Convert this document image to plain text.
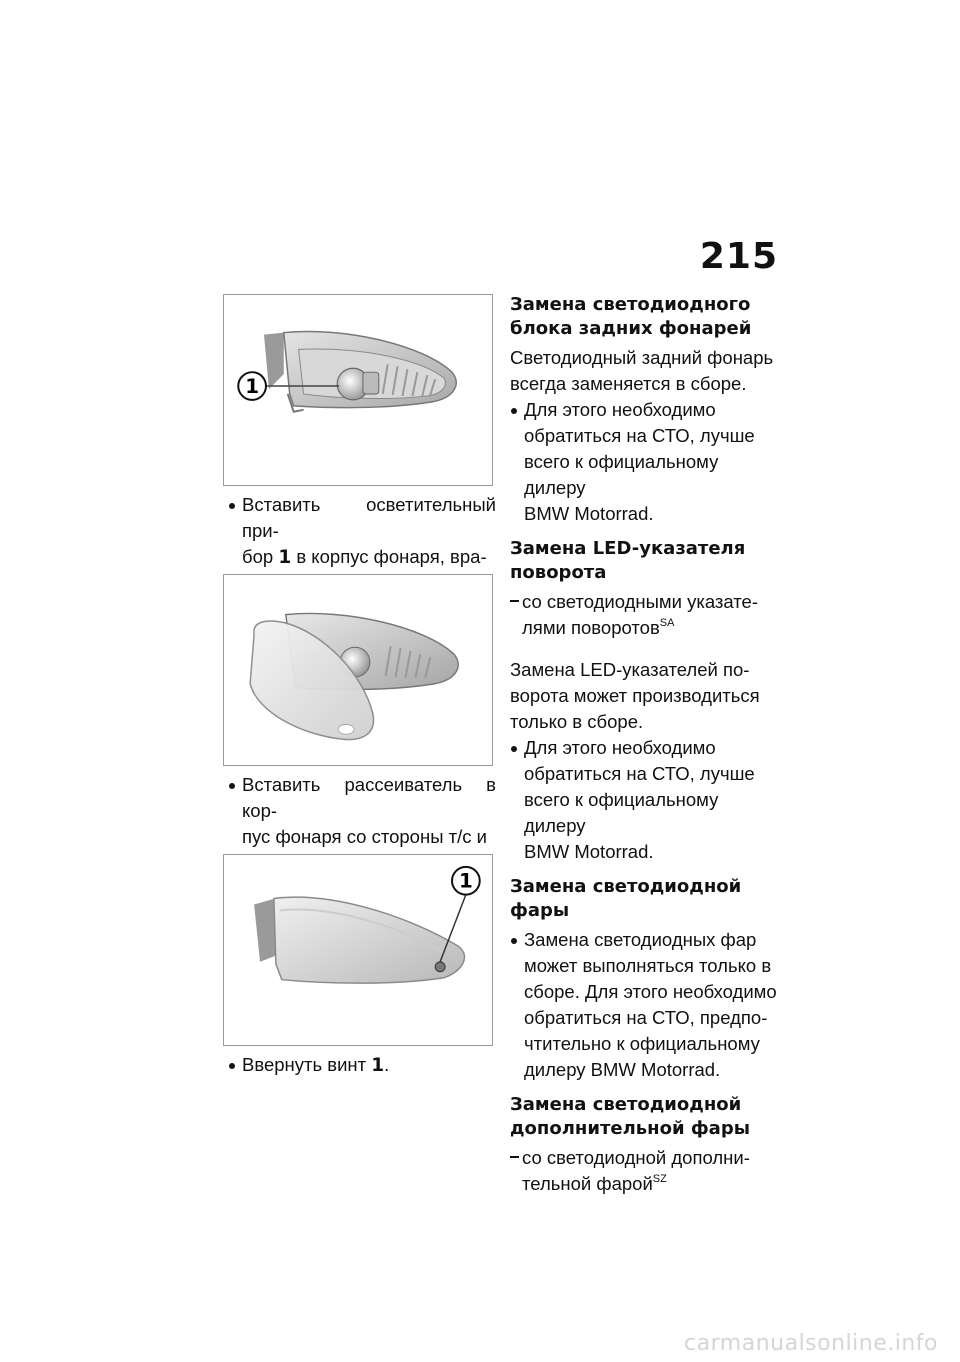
215
1
Вставить осветительный при-
бор 1 в корпус фонаря, вра-
Вставить рассеиватель в кор-
пус фонаря со стороны т/с и
1
Ввернуть винт 1.
Замена светодиодного
блока задних фонарей
Светодиодный задний фонарь
всегда заменяется в сборе.
Для этого необходимо
обратиться на СТО, лучше
всего к официальному дилеру
BMW Motorrad.
Замена LED-указателя
поворота
со светодиодными указате-
лями поворотов$^{SA}$
Замена LED-указателей по-
ворота может производиться
только в сборе.
Для этого необходимо
обратиться на СТО, лучше
всего к официальному дилеру
BMW Motorrad.
Замена светодиодной фары
Замена светодиодных фар
может выполняться только в
сборе. Для этого необходимо
обратиться на СТО, предпо-
чтительно к официальному
дилеру BMW Motorrad.
Замена светодиодной
дополнительной фары
со светодиодной дополни-
тельной фарой$^{SZ}$
carmanualsonline.info
